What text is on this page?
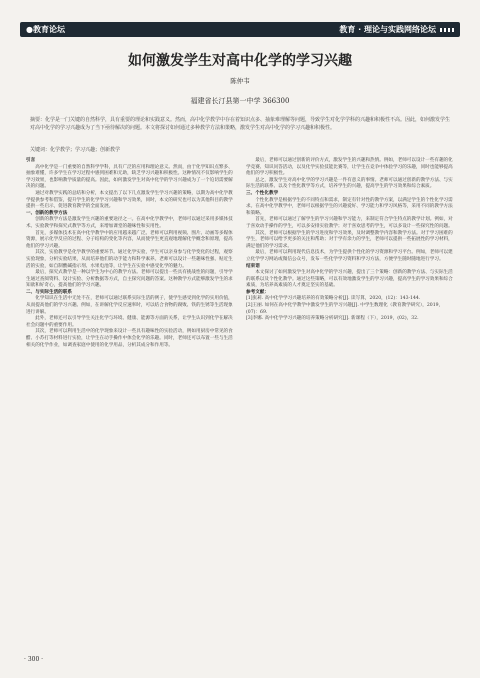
●教育论坛	教育 · 理论与实践网络论坛
如何激发学生对高中化学的学习兴趣
陈仲韦
福建省长汀县第一中学 366300
摘要：化学是一门关键的自然科学，具有重要的理论和实践意义。然而，高中化学教学中存在着知识点多、抽象难理解等问题，导致学生对化学学科的兴趣和积极性不高。因此，如何激发学生对高中化学的学习兴趣成为了当下亟待解决的问题。本文将探讨如何通过多种教学方法和策略，激发学生对高中化学的学习兴趣和积极性。
关键词：化学教学；学习兴趣；创新教学

引言

高中化学是一门重要的自然科学学科，具有广泛的应用和理论意义。然而，由于化学知识点繁多、抽象难懂，许多学生在学习过程中感到困难和无助，缺乏学习兴趣和积极性。这种情况不仅影响学生的学习效果，也影响教学质量的提高。因此，如何激发学生对高中化学的学习兴趣成为了一个迫切需要解决的问题。

通过对教学实践的总结和分析，本文提出了以下几点激发学生学习兴趣的策略，以期为高中化学教学提供参考和借鉴，提升学生的化学学习兴趣和学习效果，同时，本文的研究也可以为其他科目的教学提供一些启示，促进教育教学的全面发展。

一、创新的教学方法

创新的教学方法是激发学生兴趣的重要途径之一。在高中化学教学中，老师可以通过采用多媒体技术、实验教学和探究式教学等方式，来增加课堂的趣味性和实用性。

首先，多媒体技术在高中化学教学中的应用越来越广泛。老师可以利用视频、图片、动画等多媒体资源，展示化学反应的过程、分子结构的变化等内容，从而使学生更直观地理解化学概念和原理，提高他们的学习兴趣。

其次，实验教学是化学教学的重要环节。通过化学实验，学生可以亲身参与化学变化的过程，观察实验现象，分析实验结果，从而培养他们的动手能力和科学素养。老师可以设计一些趣味性强、贴近生活的实验，如自制酸碱指示剂、水果电池等，让学生在实验中感受化学的魅力。

最后，探究式教学是一种以学生为中心的教学方法。老师可以提出一些具有挑战性的问题，引导学生通过查阅资料、设计实验、分析数据等方式，自主探究问题的答案。这种教学方式能够激发学生的求知欲和好奇心，提高他们的学习兴趣。

二、与实际生活的联系

化学知识在生活中无处不在，老师可以通过联系实际生活的例子，使学生感受到化学的实用价值，从而提高他们的学习兴趣。例如，在讲解化学反应速率时，可以结合食物的腐败、铁的生锈等生活现象进行讲解。

此外，老师还可以引导学生关注化学与环境、健康、能源等方面的关系，让学生认识到化学在解决社会问题中的重要作用。

其次，老师可以利用生活中的化学现象来设计一些具有趣味性的实验活动，例如用厨房中常见的食醋、小苏打等材料进行实验，让学生在动手操作中体会化学的乐趣。同时，老师还可以布置一些与生活相关的化学作业，如调查家庭中使用的化学用品，分析其成分和作用等。

最后，老师可以通过创新的评价方式，激发学生的兴趣和热情。例如，老师可以设计一些有趣的化学竞赛、知识问答活动，以及化学实验技能比赛等，让学生在竞争中体验学习的乐趣，同时也能够提高他们的学习积极性。

总之，激发学生对高中化学的学习兴趣是一件有意义的事情。老师可以通过创新的教学方法、与实际生活的联系、以及个性化教学等方式，培养学生的兴趣，提高学生的学习效果和综合素质。

三、个性化教学

个性化教学是根据学生的不同特点和需求，制定有针对性的教学方案，以满足学生的个性化学习需求。在高中化学教学中，老师可以根据学生的兴趣爱好、学习能力和学习风格等，采用不同的教学方法和策略。

首先，老师可以通过了解学生的学习兴趣和学习能力，来制定符合学生特点的教学计划。例如，对于喜欢动手操作的学生，可以多安排实验教学；对于喜欢思考的学生，可以多设计一些探究性的问题。

其次，老师可以根据学生的学习进度和学习效果，及时调整教学内容和教学方法。对于学习困难的学生，老师可以给予更多的关注和帮助；对于学有余力的学生，老师可以提供一些拓展性的学习材料，满足他们的学习需求。

最后，老师可以利用现代信息技术，为学生提供个性化的学习资源和学习平台。例如，老师可以建立化学学习网站或微信公众号，发布一些化学学习资料和学习方法，方便学生随时随地进行学习。

结束语

本文探讨了如何激发学生对高中化学的学习兴趣，提出了三个策略：创新的教学方法、与实际生活的联系以及个性化教学。通过这些策略，可以有效地激发学生的学习兴趣，提高学生的学习效果和综合素质，为培养高素质的人才奠定坚实的基础。

参考文献：

[1]张莉. 高中化学学习兴趣培养的有效策略分析[J]. 读写算，2020，(12)：143-144.

[2]王丽. 如何在高中化学教学中激发学生的学习兴趣[J]. 中学生数理化（教育教学研究），2019，(07)：69.

[3]李娜. 高中化学学习兴趣的培养策略分析研究[J]. 新课程（下），2019，(02)，32.

· 300 ·
